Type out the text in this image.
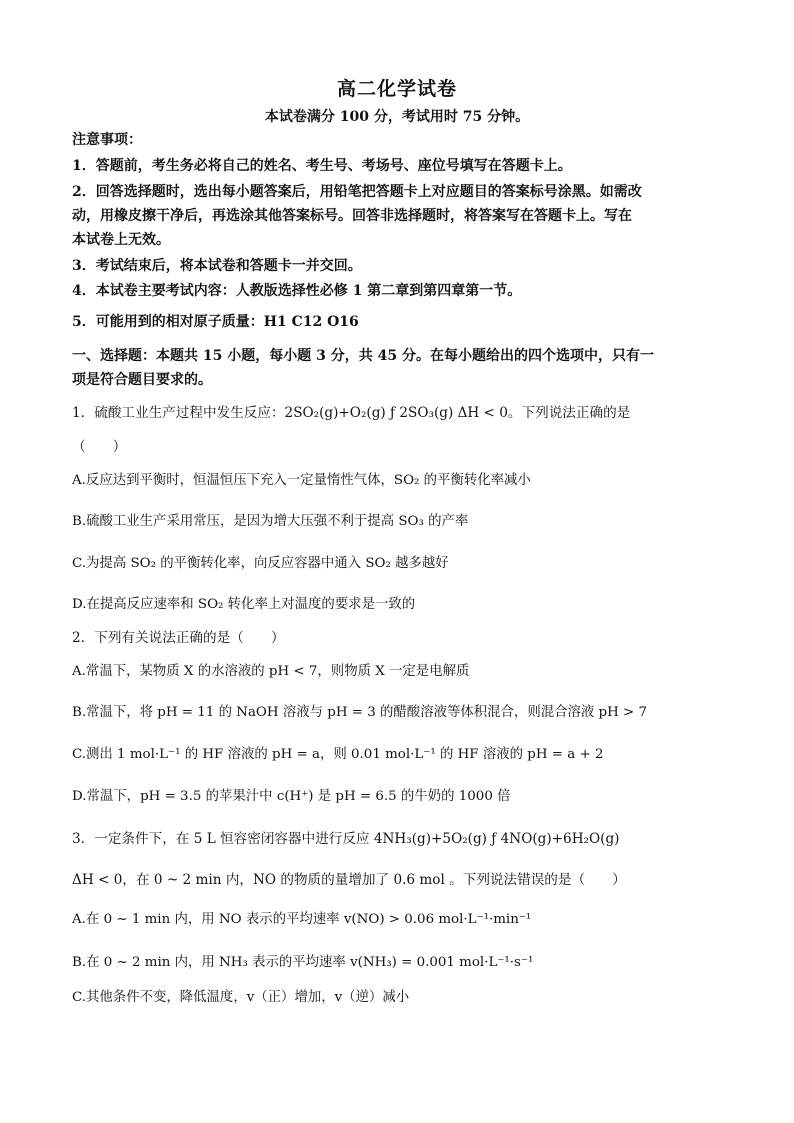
高二化学试卷
本试卷满分 100 分，考试用时 75 分钟。
注意事项：
1．答题前，考生务必将自己的姓名、考生号、考场号、座位号填写在答题卡上。
2．回答选择题时，选出每小题答案后，用铅笔把答题卡上对应题目的答案标号涂黑。如需改
动，用橡皮擦干净后，再选涂其他答案标号。回答非选择题时，将答案写在答题卡上。写在
本试卷上无效。
3．考试结束后，将本试卷和答题卡一并交回。
4．本试卷主要考试内容：人教版选择性必修 1 第二章到第四章第一节。
5．可能用到的相对原子质量：H1 C12 O16
一、选择题：本题共 15 小题，每小题 3 分，共 45 分。在每小题给出的四个选项中，只有一
项是符合题目要求的。
1．硫酸工业生产过程中发生反应：2SO₂(g)+O₂(g) ƒ 2SO₃(g) ΔH < 0。下列说法正确的是
（　　）
A.反应达到平衡时，恒温恒压下充入一定量惰性气体，SO₂ 的平衡转化率减小
B.硫酸工业生产采用常压，是因为增大压强不利于提高 SO₃ 的产率
C.为提高 SO₂ 的平衡转化率，向反应容器中通入 SO₂ 越多越好
D.在提高反应速率和 SO₂ 转化率上对温度的要求是一致的
2．下列有关说法正确的是（　　）
A.常温下，某物质 X 的水溶液的 pH < 7，则物质 X 一定是电解质
B.常温下，将 pH = 11 的 NaOH 溶液与 pH = 3 的醋酸溶液等体积混合，则混合溶液 pH > 7
C.测出 1 mol·L⁻¹ 的 HF 溶液的 pH = a，则 0.01 mol·L⁻¹ 的 HF 溶液的 pH = a + 2
D.常温下，pH = 3.5 的苹果汁中 c(H⁺) 是 pH = 6.5 的牛奶的 1000 倍
3．一定条件下，在 5 L 恒容密闭容器中进行反应 4NH₃(g)+5O₂(g) ƒ 4NO(g)+6H₂O(g)
ΔH < 0，在 0 ~ 2 min 内，NO 的物质的量增加了 0.6 mol 。下列说法错误的是（　　）
A.在 0 ~ 1 min 内，用 NO 表示的平均速率 v(NO) > 0.06 mol·L⁻¹·min⁻¹
B.在 0 ~ 2 min 内，用 NH₃ 表示的平均速率 v(NH₃) = 0.001 mol·L⁻¹·s⁻¹
C.其他条件不变，降低温度，v（正）增加，v（逆）减小
